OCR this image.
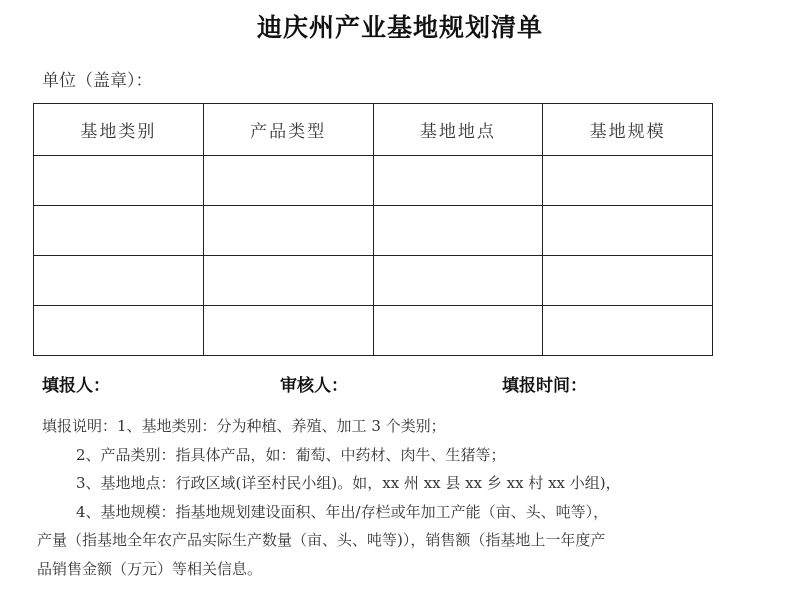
迪庆州产业基地规划清单
单位（盖章）：
基地类别	产品类型	基地地点	基地规模

填报人：	审核人：	填报时间：
填报说明：1、基地类别：分为种植、养殖、加工 3 个类别；
2、产品类别：指具体产品，如：葡萄、中药材、肉牛、生猪等；
3、基地地点：行政区域(详至村民小组)。如，xx 州 xx 县 xx 乡 xx 村 xx 小组)，
4、基地规模：指基地规划建设面积、年出/存栏或年加工产能（亩、头、吨等），
产量（指基地全年农产品实际生产数量（亩、头、吨等)），销售额（指基地上一年度产
品销售金额（万元）等相关信息。
